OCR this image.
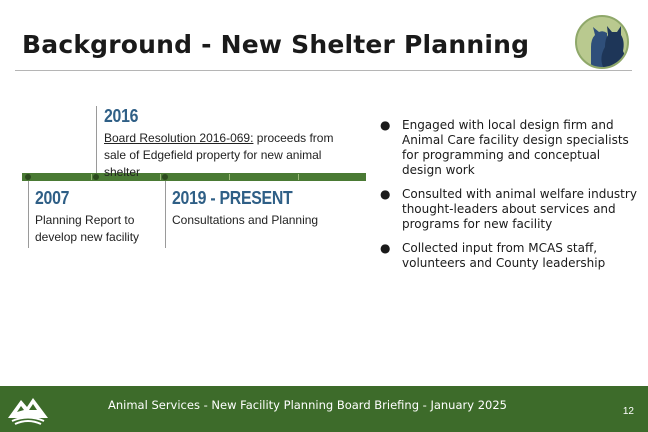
Background - New Shelter Planning
2016
Board Resolution 2016-069: proceeds from sale of Edgefield property for new animal shelter
2007
Planning Report to develop new facility
2019 - PRESENT
Consultations and Planning
● Engaged with local design firm and Animal Care facility design specialists for programming and conceptual design work
● Consulted with animal welfare industry thought-leaders about services and programs for new facility
● Collected input from MCAS staff, volunteers and County leadership
Animal Services - New Facility Planning Board Briefing - January 2025	12
